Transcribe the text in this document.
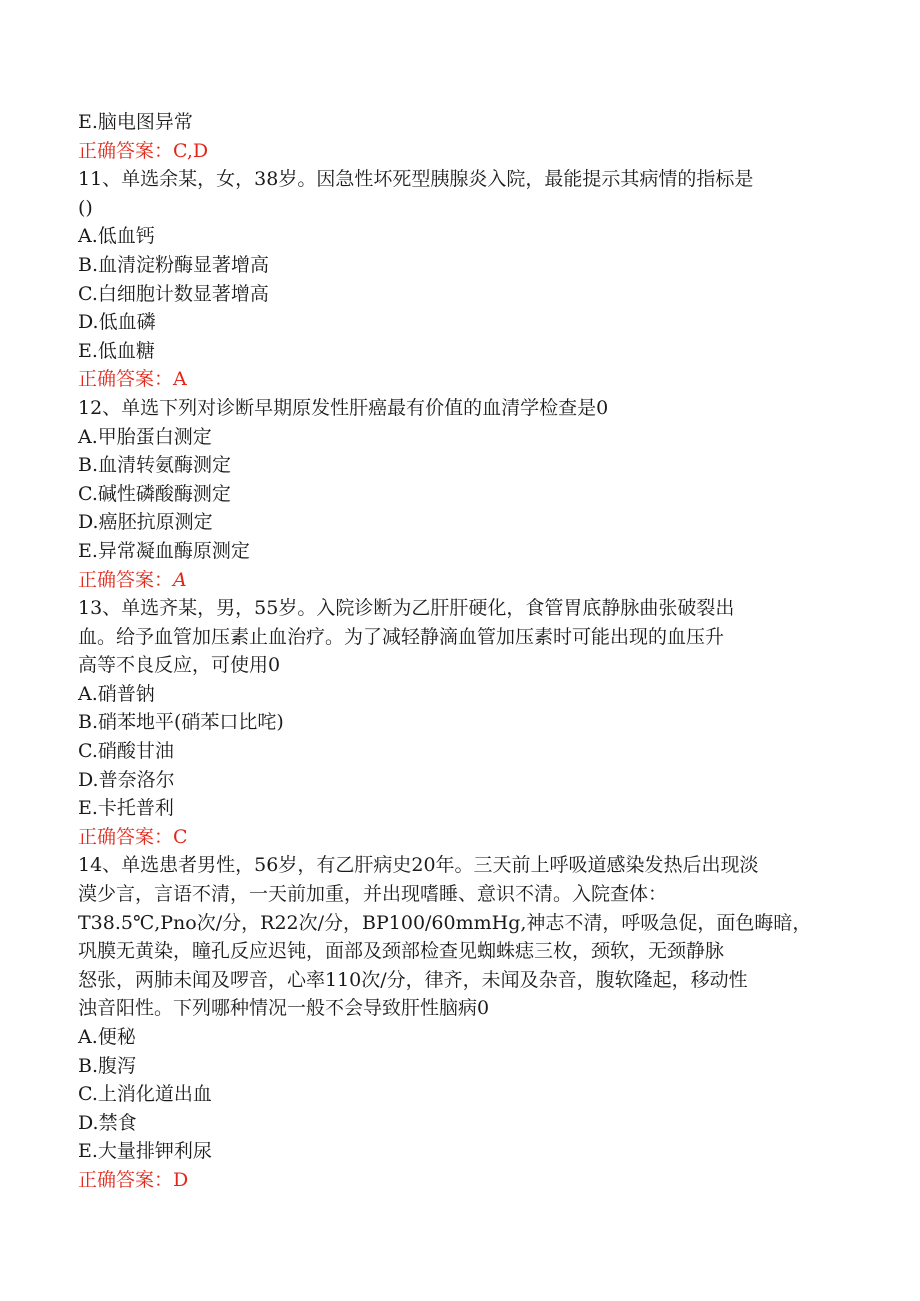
E.脑电图异常

正确答案：C,D

11、单选余某，女，38岁。因急性坏死型胰腺炎入院，最能提示其病情的指标是

()

A.低血钙

B.血清淀粉酶显著增高

C.白细胞计数显著增高

D.低血磷

E.低血糖

正确答案：A

12、单选下列对诊断早期原发性肝癌最有价值的血清学检查是0

A.甲胎蛋白测定

B.血清转氨酶测定

C.碱性磷酸酶测定

D.癌胚抗原测定

E.异常凝血酶原测定

正确答案：A

13、单选齐某，男，55岁。入院诊断为乙肝肝硬化，食管胃底静脉曲张破裂出

血。给予血管加压素止血治疗。为了减轻静滴血管加压素时可能出现的血压升

高等不良反应，可使用0

A.硝普钠

B.硝苯地平(硝苯口比咤)

C.硝酸甘油

D.普奈洛尔

E.卡托普利

正确答案：C

14、单选患者男性，56岁，有乙肝病史20年。三天前上呼吸道感染发热后出现淡

漠少言，言语不清，一天前加重，并出现嗜睡、意识不清。入院查体：

T38.5℃,Pno次/分，R22次/分，BP100/60mmHg,神志不清，呼吸急促，面色晦暗，

巩膜无黄染，瞳孔反应迟钝，面部及颈部检查见蜘蛛痣三枚，颈软，无颈静脉

怒张，两肺未闻及啰音，心率110次/分，律齐，未闻及杂音，腹软隆起，移动性

浊音阳性。下列哪种情况一般不会导致肝性脑病0

A.便秘

B.腹泻

C.上消化道出血

D.禁食

E.大量排钾利尿

正确答案：D
